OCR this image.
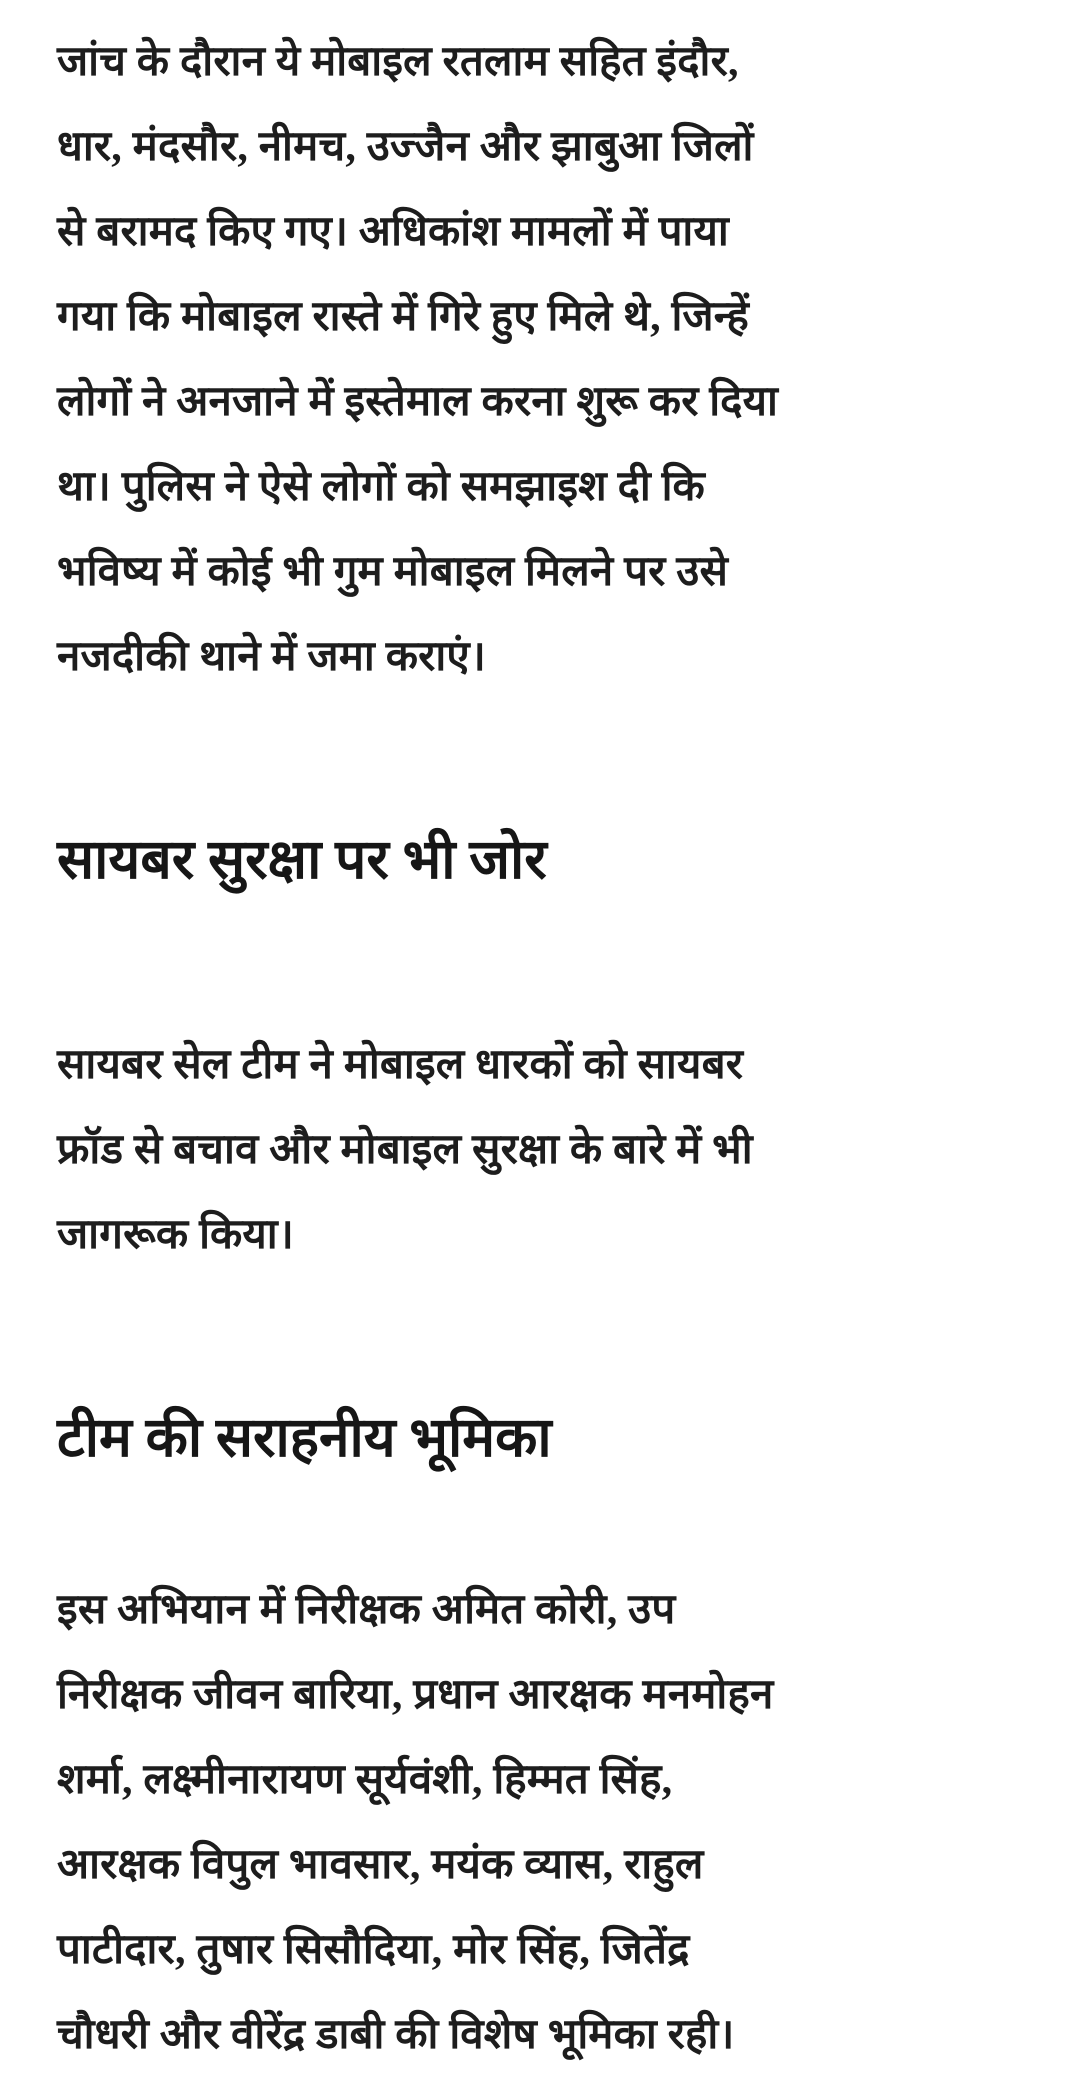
जांच के दौरान ये मोबाइल रतलाम सहित इंदौर,
धार, मंदसौर, नीमच, उज्जैन और झाबुआ जिलों
से बरामद किए गए। अधिकांश मामलों में पाया
गया कि मोबाइल रास्ते में गिरे हुए मिले थे, जिन्हें
लोगों ने अनजाने में इस्तेमाल करना शुरू कर दिया
था। पुलिस ने ऐसे लोगों को समझाइश दी कि
भविष्य में कोई भी गुम मोबाइल मिलने पर उसे
नजदीकी थाने में जमा कराएं।
सायबर सुरक्षा पर भी जोर
सायबर सेल टीम ने मोबाइल धारकों को सायबर
फ्रॉड से बचाव और मोबाइल सुरक्षा के बारे में भी
जागरूक किया।
टीम की सराहनीय भूमिका
इस अभियान में निरीक्षक अमित कोरी, उप
निरीक्षक जीवन बारिया, प्रधान आरक्षक मनमोहन
शर्मा, लक्ष्मीनारायण सूर्यवंशी, हिम्मत सिंह,
आरक्षक विपुल भावसार, मयंक व्यास, राहुल
पाटीदार, तुषार सिसौदिया, मोर सिंह, जितेंद्र
चौधरी और वीरेंद्र डाबी की विशेष भूमिका रही।
